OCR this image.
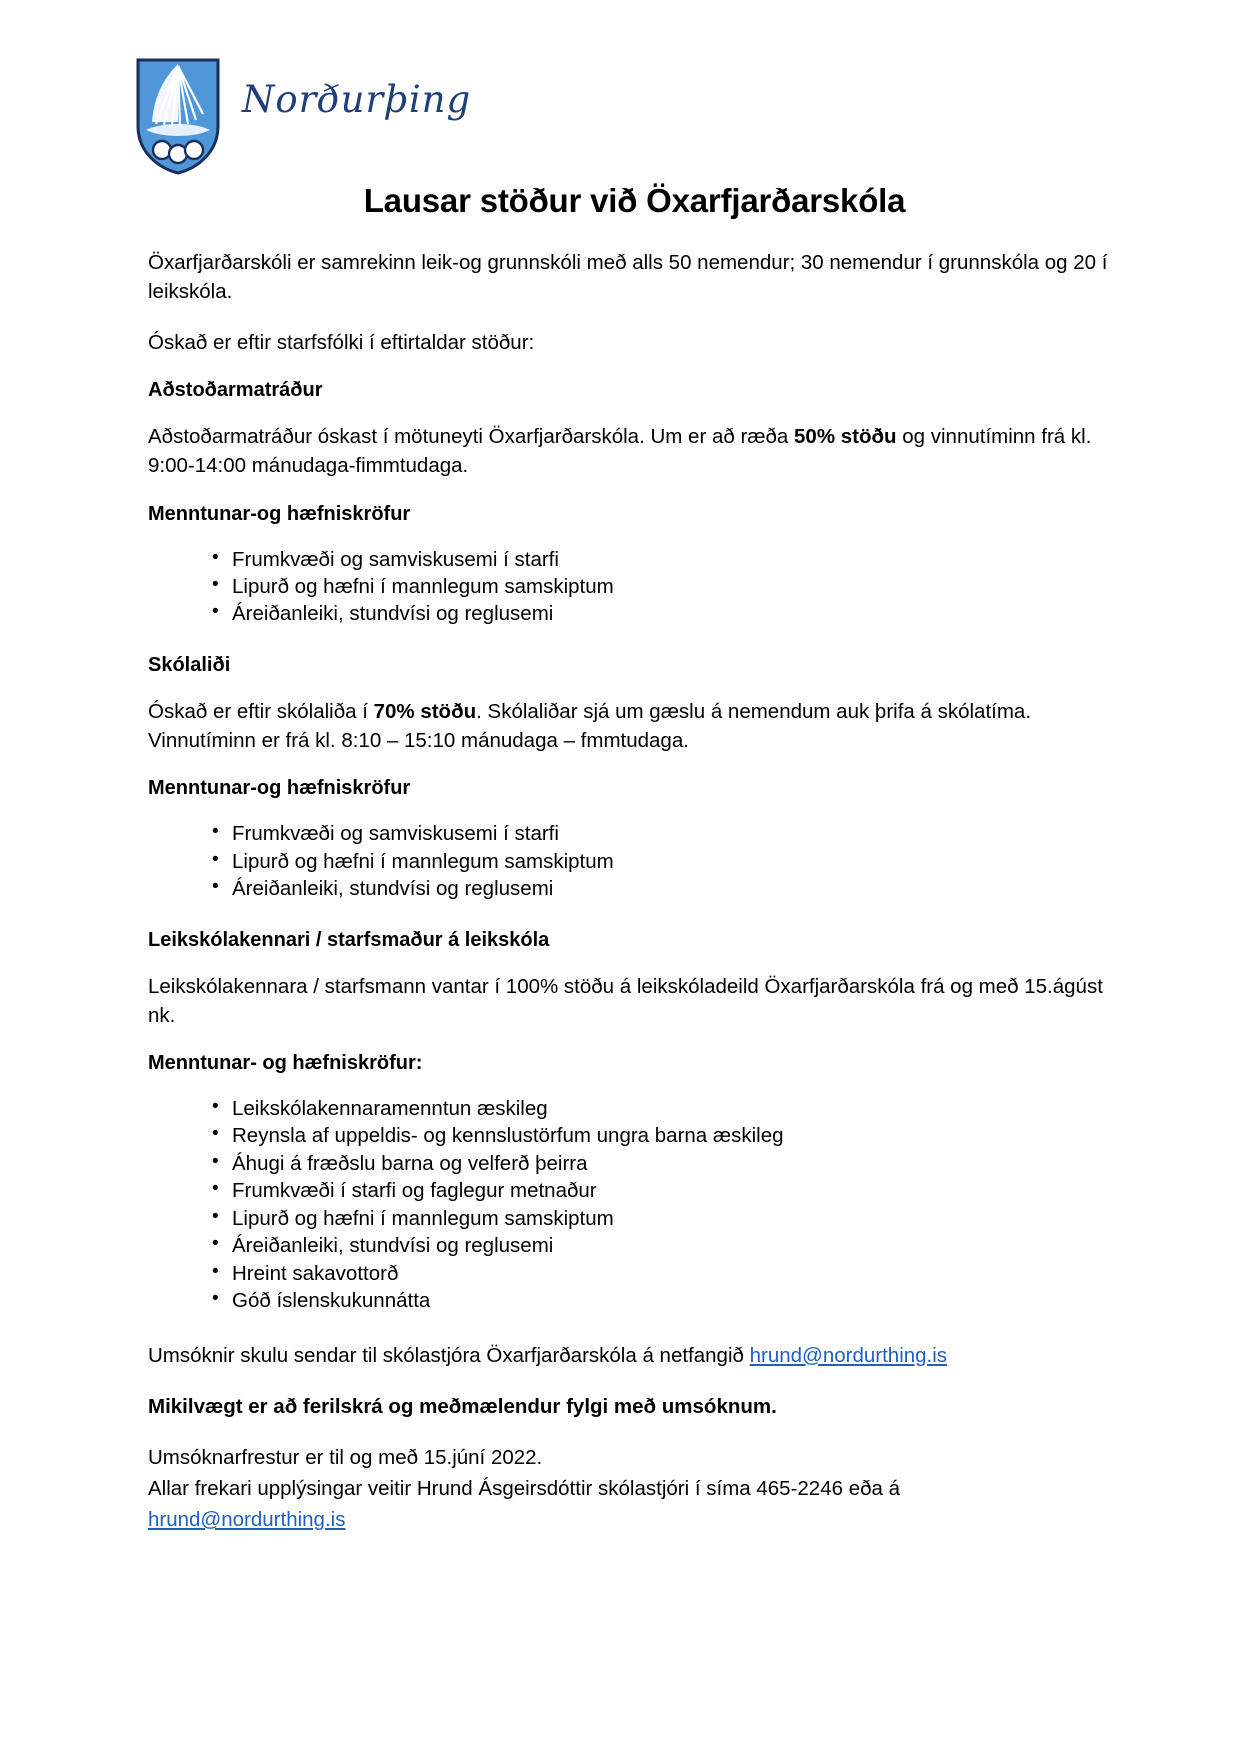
Norðurþing
Lausar stöður við Öxarfjarðarskóla

Öxarfjarðarskóli er samrekinn leik-og grunnskóli með alls 50 nemendur; 30 nemendur í grunnskóla og 20 í leikskóla.

Óskað er eftir starfsfólki í eftirtaldar stöður:

Aðstoðarmatráður

Aðstoðarmatráður óskast í mötuneyti Öxarfjarðarskóla. Um er að ræða 50% stöðu og vinnutíminn frá kl. 9:00-14:00 mánudaga-fimmtudaga.

Menntunar-og hæfniskröfur
• Frumkvæði og samviskusemi í starfi
• Lipurð og hæfni í mannlegum samskiptum
• Áreiðanleiki, stundvísi og reglusemi
Skólaliði

Óskað er eftir skólaliða í 70% stöðu. Skólaliðar sjá um gæslu á nemendum auk þrifa á skólatíma. Vinnutíminn er frá kl. 8:10 – 15:10 mánudaga – fmmtudaga.

Menntunar-og hæfniskröfur
• Frumkvæði og samviskusemi í starfi
• Lipurð og hæfni í mannlegum samskiptum
• Áreiðanleiki, stundvísi og reglusemi
Leikskólakennari / starfsmaður á leikskóla

Leikskólakennara / starfsmann vantar í 100% stöðu á leikskóladeild Öxarfjarðarskóla frá og með 15.ágúst nk.

Menntunar- og hæfniskröfur:
• Leikskólakennaramenntun æskileg
• Reynsla af uppeldis- og kennslustörfum ungra barna æskileg
• Áhugi á fræðslu barna og velferð þeirra
• Frumkvæði í starfi og faglegur metnaður
• Lipurð og hæfni í mannlegum samskiptum
• Áreiðanleiki, stundvísi og reglusemi
• Hreint sakavottorð
• Góð íslenskukunnátta

Umsóknir skulu sendar til skólastjóra Öxarfjarðarskóla á netfangið hrund@nordurthing.is

Mikilvægt er að ferilskrá og meðmælendur fylgi með umsóknum.

Umsóknarfrestur er til og með 15.júní 2022.

Allar frekari upplýsingar veitir Hrund Ásgeirsdóttir skólastjóri í síma 465-2246 eða á

hrund@nordurthing.is
